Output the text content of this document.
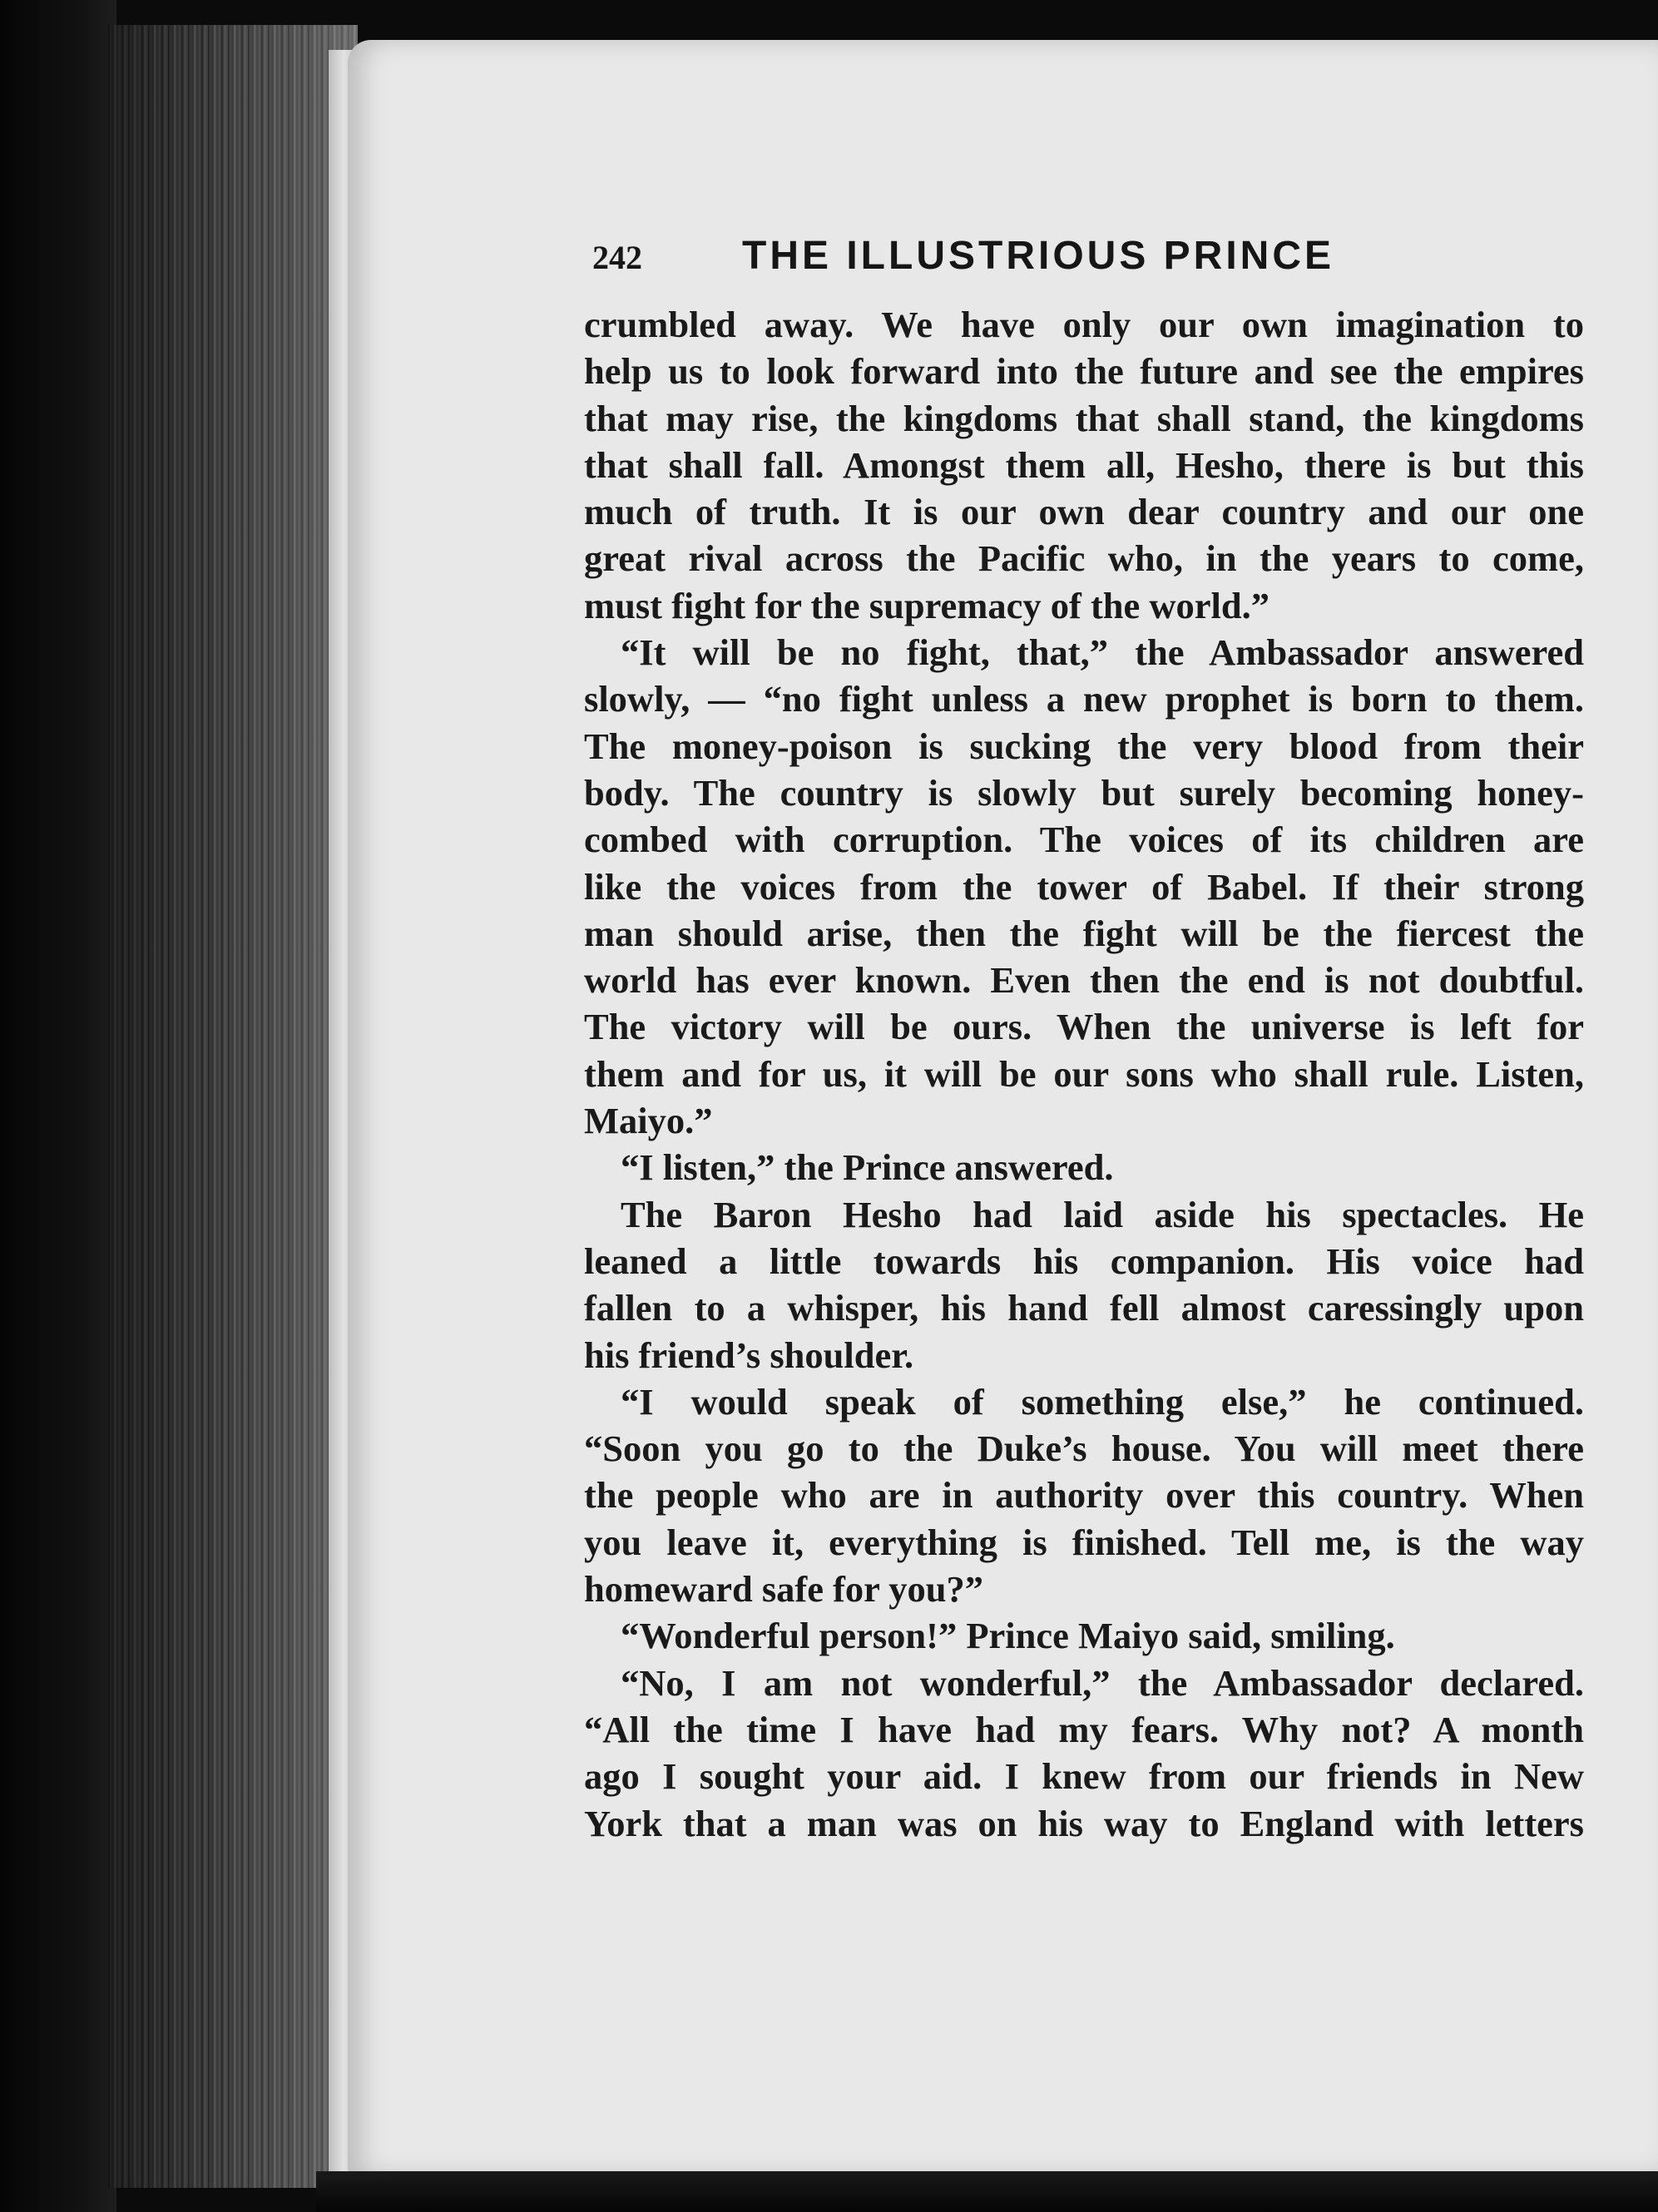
242	THE ILLUSTRIOUS PRINCE
crumbled away. We have only our own imagination to
help us to look forward into the future and see the empires
that may rise, the kingdoms that shall stand, the kingdoms
that shall fall. Amongst them all, Hesho, there is but this
much of truth. It is our own dear country and our one
great rival across the Pacific who, in the years to come,
must fight for the supremacy of the world.”
“It will be no fight, that,” the Ambassador answered
slowly, — “no fight unless a new prophet is born to them.
The money-poison is sucking the very blood from their
body. The country is slowly but surely becoming honey-
combed with corruption. The voices of its children are
like the voices from the tower of Babel. If their strong
man should arise, then the fight will be the fiercest the
world has ever known. Even then the end is not doubtful.
The victory will be ours. When the universe is left for
them and for us, it will be our sons who shall rule. Listen,
Maiyo.”
“I listen,” the Prince answered.
The Baron Hesho had laid aside his spectacles. He
leaned a little towards his companion. His voice had
fallen to a whisper, his hand fell almost caressingly upon
his friend’s shoulder.
“I would speak of something else,” he continued.
“Soon you go to the Duke’s house. You will meet there
the people who are in authority over this country. When
you leave it, everything is finished. Tell me, is the way
homeward safe for you?”
“Wonderful person!” Prince Maiyo said, smiling.
“No, I am not wonderful,” the Ambassador declared.
“All the time I have had my fears. Why not? A month
ago I sought your aid. I knew from our friends in New
York that a man was on his way to England with letters
